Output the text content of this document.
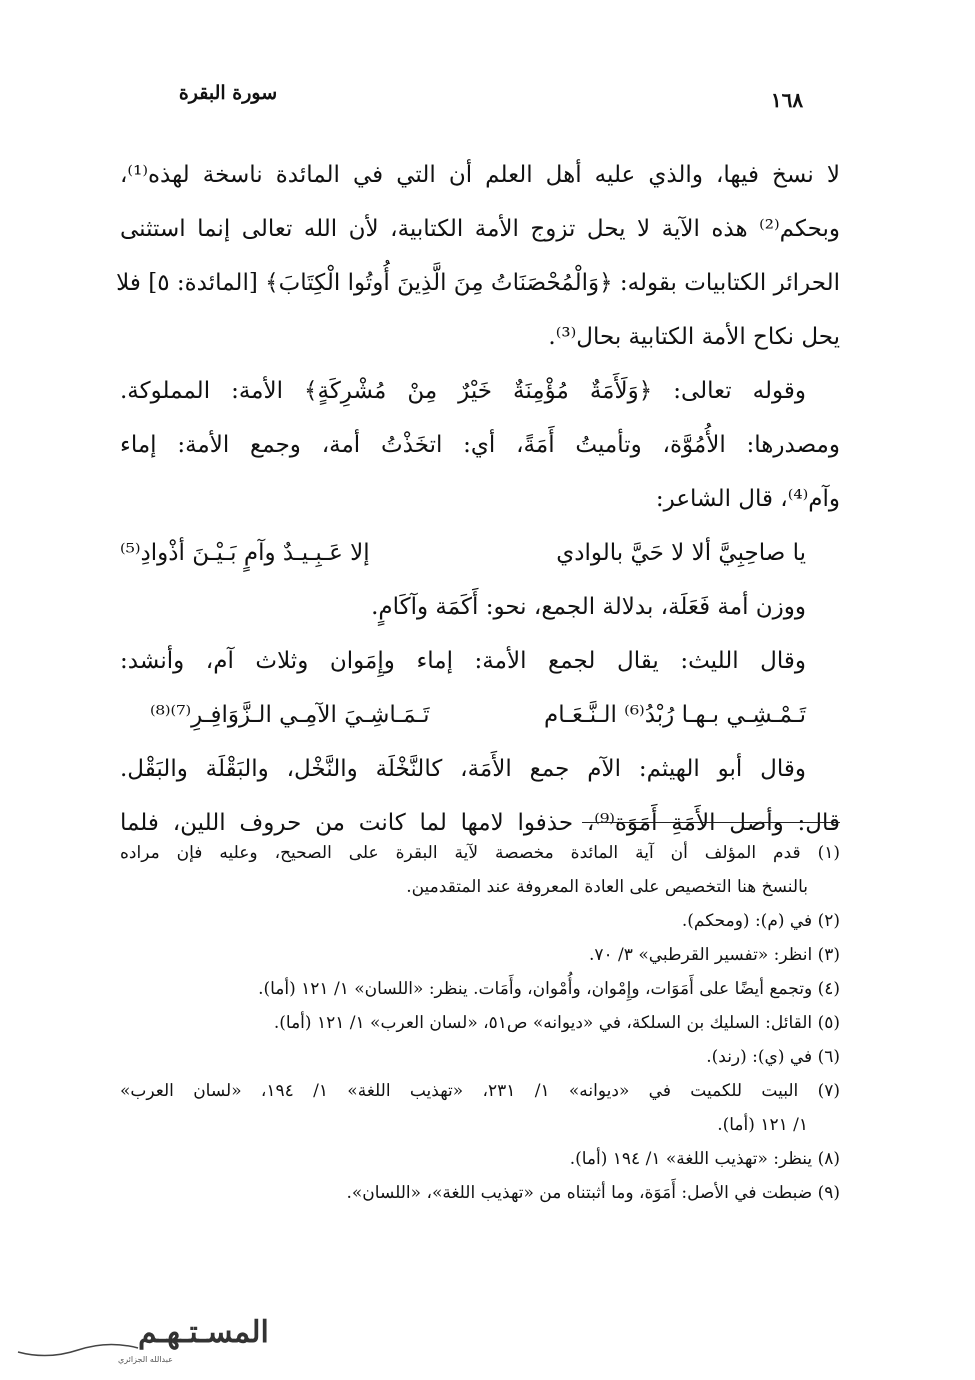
سورة البقرة	١٦٨
لا نسخ فيها، والذي عليه أهل العلم أن التي في المائدة ناسخة لهذه⁽¹⁾،
وبحكم⁽²⁾ هذه الآية لا يحل تزوج الأمة الكتابية، لأن الله تعالى إنما استثنى
الحرائر الكتابيات بقوله: ﴿وَالْمُحْصَنَاتُ مِنَ الَّذِينَ أُوتُوا الْكِتَابَ﴾ [المائدة: ٥] فلا
يحل نكاح الأمة الكتابية بحال⁽³⁾.
وقوله تعالى: ﴿وَلَأَمَةٌ مُؤْمِنَةٌ خَيْرٌ مِنْ مُشْرِكَةٍ﴾ الأمة: المملوكة.
ومصدرها: الأُمُوَّة، وتأميتُ أَمَةً، أي: اتخَذْتُ أمة، وجمع الأمة: إماء
وآم⁽⁴⁾، قال الشاعر:
يا صاحِبِيَّ ألا لا حَيَّ بالوادي
إلا عَـبِـيـدٌ وآمٍ بَـيْـنَ أذْوادِ⁽⁵⁾
ووزن أمة فَعَلَة، بدلالة الجمع، نحو: أَكَمَة وآكَامٍ.
وقال الليث: يقال لجمع الأمة: إماء وإِمَوان وثلاث آم، وأنشد:
تَـمْـشِـي بـهـا رُبْدُ⁽⁶⁾ الـنَّـعَـام
تَـمَـاشِـيَ الآمِـي الـزَّوَافِـرِ⁽⁷⁾⁽⁸⁾
وقال أبو الهيثم: الآم جمع الأَمَة، كالنَّخْلَة والنَّخْل، والبَقْلَة والبَقْل.
قال: وأصل الأَمَةِ أَمَوَة⁽⁹⁾، حذفوا لامها لما كانت من حروف اللين، فلما
(١) قدم المؤلف أن آية المائدة مخصصة لآية البقرة على الصحيح، وعليه فإن مراده
بالنسخ هنا التخصيص على العادة المعروفة عند المتقدمين.
(٢) في (م): (ومحكم).
(٣) انظر: «تفسير القرطبي» ٣/ ٧٠.
(٤) وتجمع أيضًا على أَمَوَات، وإِمْوان، وأُمْوان، وأَمَات. ينظر: «اللسان» ١/ ١٢١ (أما).
(٥) القائل: السليك بن السلكة، في «ديوانه» ص٥١، «لسان العرب» ١/ ١٢١ (أما).
(٦) في (ي): (رند).
(٧) البيت للكميت في «ديوانه» ١/ ٢٣١، «تهذيب اللغة» ١/ ١٩٤، «لسان العرب»
١/ ١٢١ (أما).
(٨) ينظر: «تهذيب اللغة» ١/ ١٩٤ (أما).
(٩) ضبطت في الأصل: أَمَوَة، وما أثبتناه من «تهذيب اللغة»، «اللسان».
المسـتـهـم
عبدالله الجزائري
